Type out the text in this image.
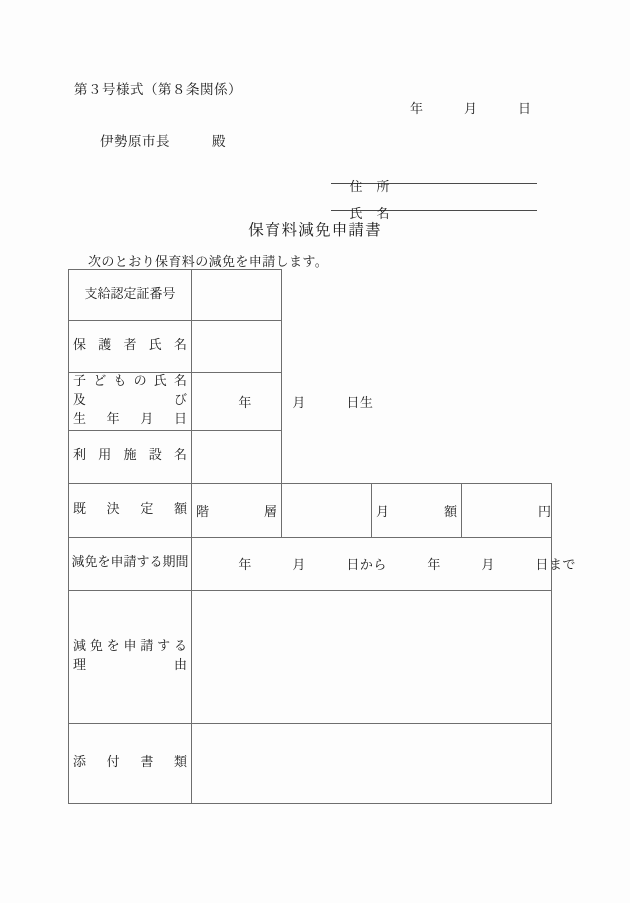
第３号様式（第８条関係）
年　　　月　　　日
伊勢原市長　　　殿

住　所

氏　名

保育料減免申請書
次のとおり保育料の減免を申請します。
支給認定証番号				

保護者氏名				

子どもの氏名
及　　　　び
生　年　月　日	年　　　月　　　日生			

利用施設名				

既決定額	階　層		月　額	円

減免を申請する期間	年　　　月　　　日から　　　年　　　月　　　日まで			

減免を申請する
理　　　　　由				

添付書類				
